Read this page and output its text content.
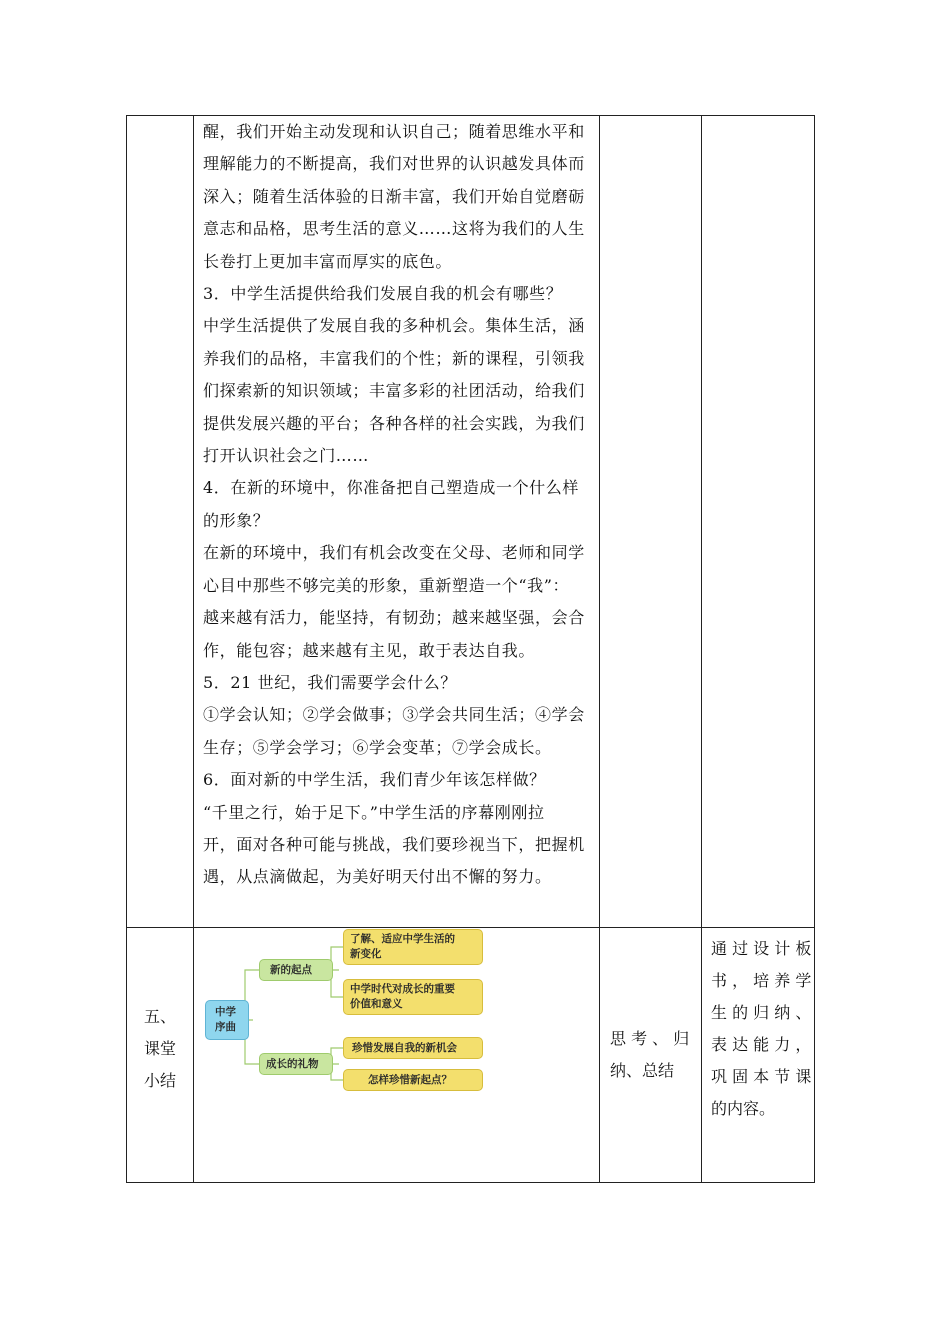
醒，我们开始主动发现和认识自己；随着思维水平和

理解能力的不断提高，我们对世界的认识越发具体而

深入；随着生活体验的日渐丰富，我们开始自觉磨砺

意志和品格，思考生活的意义……这将为我们的人生

长卷打上更加丰富而厚实的底色。

3．中学生活提供给我们发展自我的机会有哪些？

中学生活提供了发展自我的多种机会。集体生活，涵

养我们的品格，丰富我们的个性；新的课程，引领我

们探索新的知识领域；丰富多彩的社团活动，给我们

提供发展兴趣的平台；各种各样的社会实践，为我们

打开认识社会之门……

4．在新的环境中，你准备把自己塑造成一个什么样

的形象？

在新的环境中，我们有机会改变在父母、老师和同学

心目中那些不够完美的形象，重新塑造一个“我”：

越来越有活力，能坚持，有韧劲；越来越坚强，会合

作，能包容；越来越有主见，敢于表达自我。

5．21 世纪，我们需要学会什么？

①学会认知；②学会做事；③学会共同生活；④学会

生存；⑤学会学习；⑥学会变革；⑦学会成长。

6．面对新的中学生活，我们青少年该怎样做？

“千里之行，始于足下。”中学生活的序幕刚刚拉

开，面对各种可能与挑战，我们要珍视当下，把握机

遇，从点滴做起，为美好明天付出不懈的努力。

五、
课堂
小结
中学
序曲
新的起点
成长的礼物
了解、适应中学生活的
新变化
中学时代对成长的重要
价值和意义
珍惜发展自我的新机会
怎样珍惜新起点？
思 考 、 归
纳、总结
通 过 设 计 板
书 ， 培 养 学
生 的 归 纳 、
表 达 能 力 ，
巩 固 本 节 课
的内容。
